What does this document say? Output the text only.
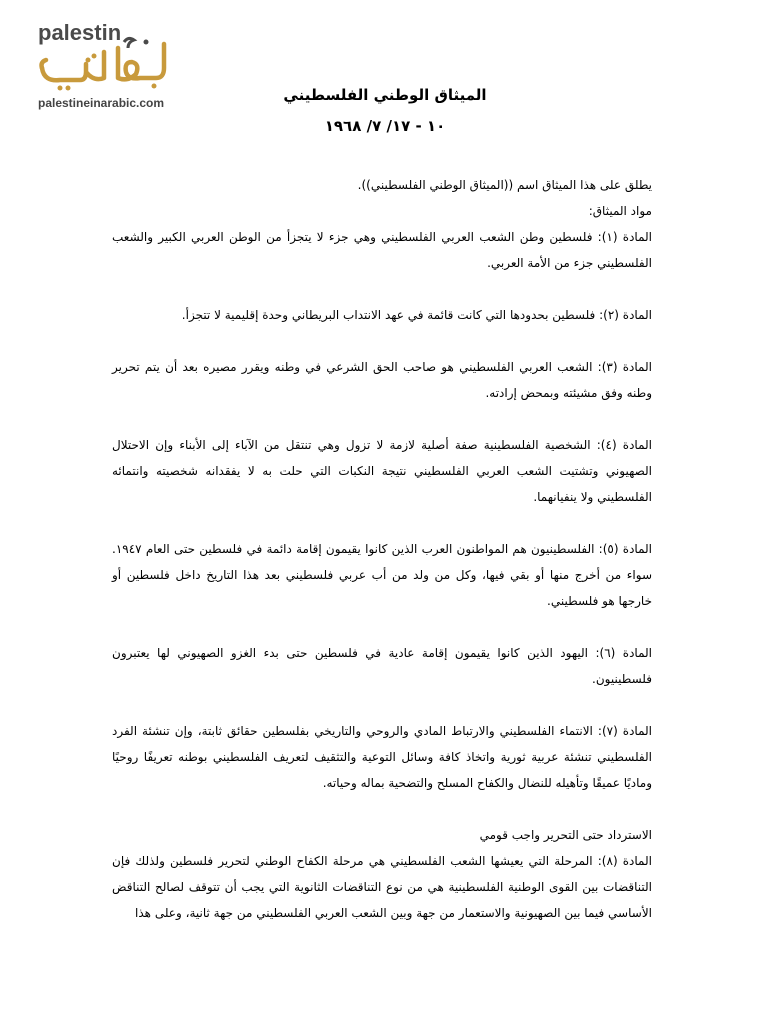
palestin
palestineinarabic.com	الميثاق الوطني الفلسطيني
١٠ - ١٧/ ٧/ ١٩٦٨

يطلق على هذا الميثاق اسم ((الميثاق الوطني الفلسطيني)).

مواد الميثاق:

المادة (١): فلسطين وطن الشعب العربي الفلسطيني وهي جزء لا يتجزأ من الوطن العربي الكبير والشعب الفلسطيني جزء من الأمة العربي.

المادة (٢): فلسطين بحدودها التي كانت قائمة في عهد الانتداب البريطاني وحدة إقليمية لا تتجزأ.

المادة (٣): الشعب العربي الفلسطيني هو صاحب الحق الشرعي في وطنه ويقرر مصيره بعد أن يتم تحرير وطنه وفق مشيئته وبمحض إرادته.

المادة (٤): الشخصية الفلسطينية صفة أصلية لازمة لا تزول وهي تنتقل من الآباء إلى الأبناء وإن الاحتلال الصهيوني وتشتيت الشعب العربي الفلسطيني نتيجة النكبات التي حلت به لا يفقدانه شخصيته وانتمائه الفلسطيني ولا ينفيانهما.

المادة (٥): الفلسطينيون هم المواطنون العرب الذين كانوا يقيمون إقامة دائمة في فلسطين حتى العام ١٩٤٧. سواء من أخرج منها أو بقي فيها، وكل من ولد من أب عربي فلسطيني بعد هذا التاريخ داخل فلسطين أو خارجها هو فلسطيني.

المادة (٦): اليهود الذين كانوا يقيمون إقامة عادية في فلسطين حتى بدء الغزو الصهيوني لها يعتبرون فلسطينيون.

المادة (٧): الانتماء الفلسطيني والارتباط المادي والروحي والتاريخي بفلسطين حقائق ثابتة، وإن تنشئة الفرد الفلسطيني تنشئة عربية ثورية واتخاذ كافة وسائل التوعية والتثقيف لتعريف الفلسطيني بوطنه تعريفًا روحيًا وماديًا عميقًا وتأهيله للنضال والكفاح المسلح والتضحية بماله وحياته.

الاسترداد حتى التحرير واجب قومي

المادة (٨): المرحلة التي يعيشها الشعب الفلسطيني هي مرحلة الكفاح الوطني لتحرير فلسطين ولذلك فإن التناقضات بين القوى الوطنية الفلسطينية هي من نوع التناقضات الثانوية التي يجب أن تتوقف لصالح التناقض الأساسي فيما بين الصهيونية والاستعمار من جهة وبين الشعب العربي الفلسطيني من جهة ثانية، وعلى هذا
